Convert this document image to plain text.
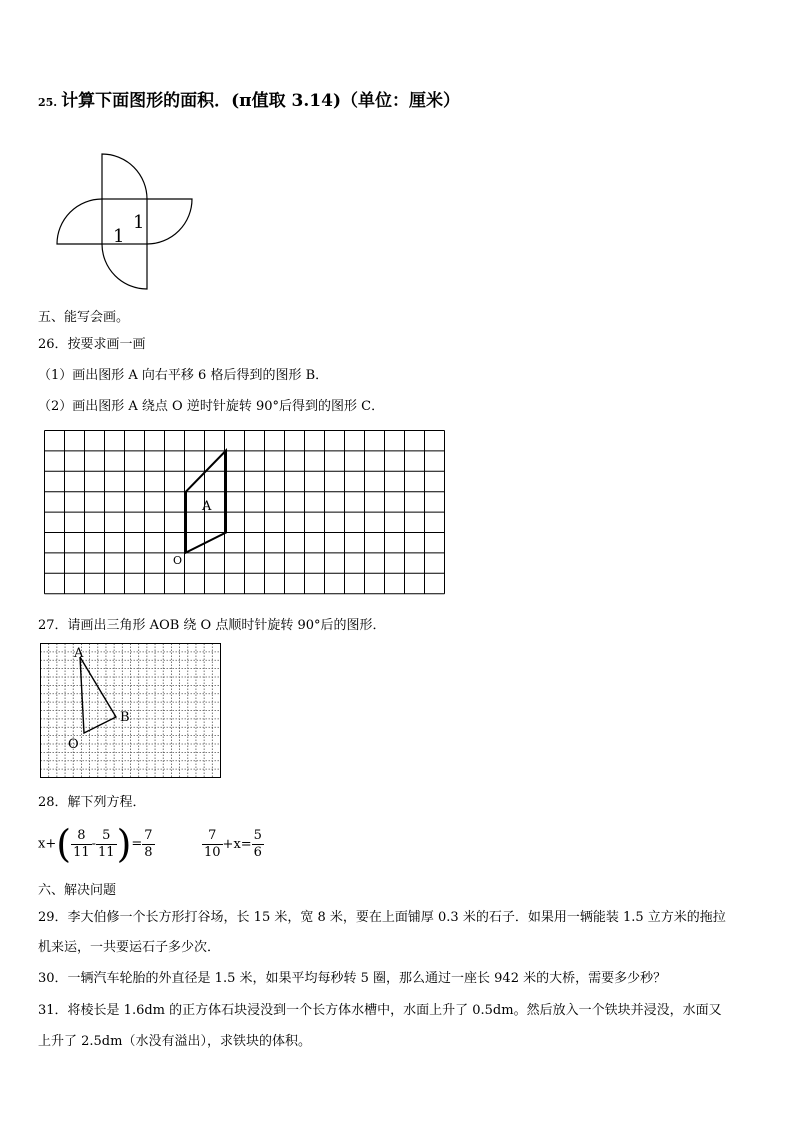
25. 计算下面图形的面积．(π值取 3.14)（单位：厘米）
1
1
五、能写会画。
26．按要求画一画
（1）画出图形 A 向右平移 6 格后得到的图形 B．
（2）画出图形 A 绕点 O 逆时针旋转 90°后得到的图形 C．
A
O
27．请画出三角形 AOB 绕 O 点顺时针旋转 90°后的图形．
A
B
O
28．解下列方程．
$x+( \frac{8}{11} - \frac{5}{11}$ )= $\frac{7}{8}$	$\frac{7}{10} +x= \frac{5}{6}$
六、解决问题
29．李大伯修一个长方形打谷场，长 15 米，宽 8 米，要在上面铺厚 0.3 米的石子．如果用一辆能装 1.5 立方米的拖拉
机来运，一共要运石子多少次．
30．一辆汽车轮胎的外直径是 1.5 米，如果平均每秒转 5 圈，那么通过一座长 942 米的大桥，需要多少秒？
31．将棱长是 1.6dm 的正方体石块浸没到一个长方体水槽中，水面上升了 0.5dm。然后放入一个铁块并浸没，水面又
上升了 2.5dm（水没有溢出），求铁块的体积。
